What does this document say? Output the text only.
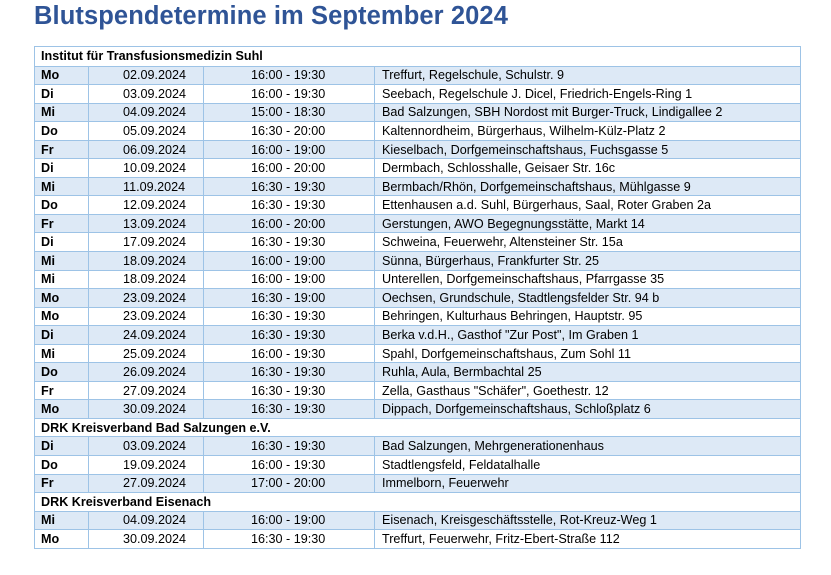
Blutspendetermine im September 2024
Institut für Transfusionsmedizin Suhl
Mo	02.09.2024	16:00 - 19:30	Treffurt, Regelschule, Schulstr. 9
Di	03.09.2024	16:00 - 19:30	Seebach, Regelschule J. Dicel, Friedrich-Engels-Ring 1
Mi	04.09.2024	15:00 - 18:30	Bad Salzungen, SBH Nordost mit Burger-Truck, Lindigallee 2
Do	05.09.2024	16:30 - 20:00	Kaltennordheim, Bürgerhaus, Wilhelm-Külz-Platz 2
Fr	06.09.2024	16:00 - 19:00	Kieselbach, Dorfgemeinschaftshaus, Fuchsgasse 5
Di	10.09.2024	16:00 - 20:00	Dermbach, Schlosshalle, Geisaer Str. 16c
Mi	11.09.2024	16:30 - 19:30	Bermbach/Rhön, Dorfgemeinschaftshaus, Mühlgasse 9
Do	12.09.2024	16:30 - 19:30	Ettenhausen a.d. Suhl, Bürgerhaus, Saal, Roter Graben 2a
Fr	13.09.2024	16:00 - 20:00	Gerstungen, AWO Begegnungsstätte, Markt 14
Di	17.09.2024	16:30 - 19:30	Schweina, Feuerwehr, Altensteiner Str. 15a
Mi	18.09.2024	16:00 - 19:00	Sünna, Bürgerhaus, Frankfurter Str. 25
Mi	18.09.2024	16:00 - 19:00	Unterellen, Dorfgemeinschaftshaus, Pfarrgasse 35
Mo	23.09.2024	16:30 - 19:00	Oechsen, Grundschule, Stadtlengsfelder Str. 94 b
Mo	23.09.2024	16:30 - 19:30	Behringen, Kulturhaus Behringen, Hauptstr. 95
Di	24.09.2024	16:30 - 19:30	Berka v.d.H., Gasthof "Zur Post", Im Graben 1
Mi	25.09.2024	16:00 - 19:30	Spahl, Dorfgemeinschaftshaus, Zum Sohl 11
Do	26.09.2024	16:30 - 19:30	Ruhla, Aula, Bermbachtal 25
Fr	27.09.2024	16:30 - 19:30	Zella, Gasthaus "Schäfer", Goethestr. 12
Mo	30.09.2024	16:30 - 19:30	Dippach, Dorfgemeinschaftshaus, Schloßplatz 6
DRK Kreisverband Bad Salzungen e.V.
Di	03.09.2024	16:30 - 19:30	Bad Salzungen, Mehrgenerationenhaus
Do	19.09.2024	16:00 - 19:30	Stadtlengsfeld, Feldatalhalle
Fr	27.09.2024	17:00 - 20:00	Immelborn, Feuerwehr
DRK Kreisverband Eisenach
Mi	04.09.2024	16:00 - 19:00	Eisenach, Kreisgeschäftsstelle, Rot-Kreuz-Weg 1
Mo	30.09.2024	16:30 - 19:30	Treffurt, Feuerwehr, Fritz-Ebert-Straße 112
